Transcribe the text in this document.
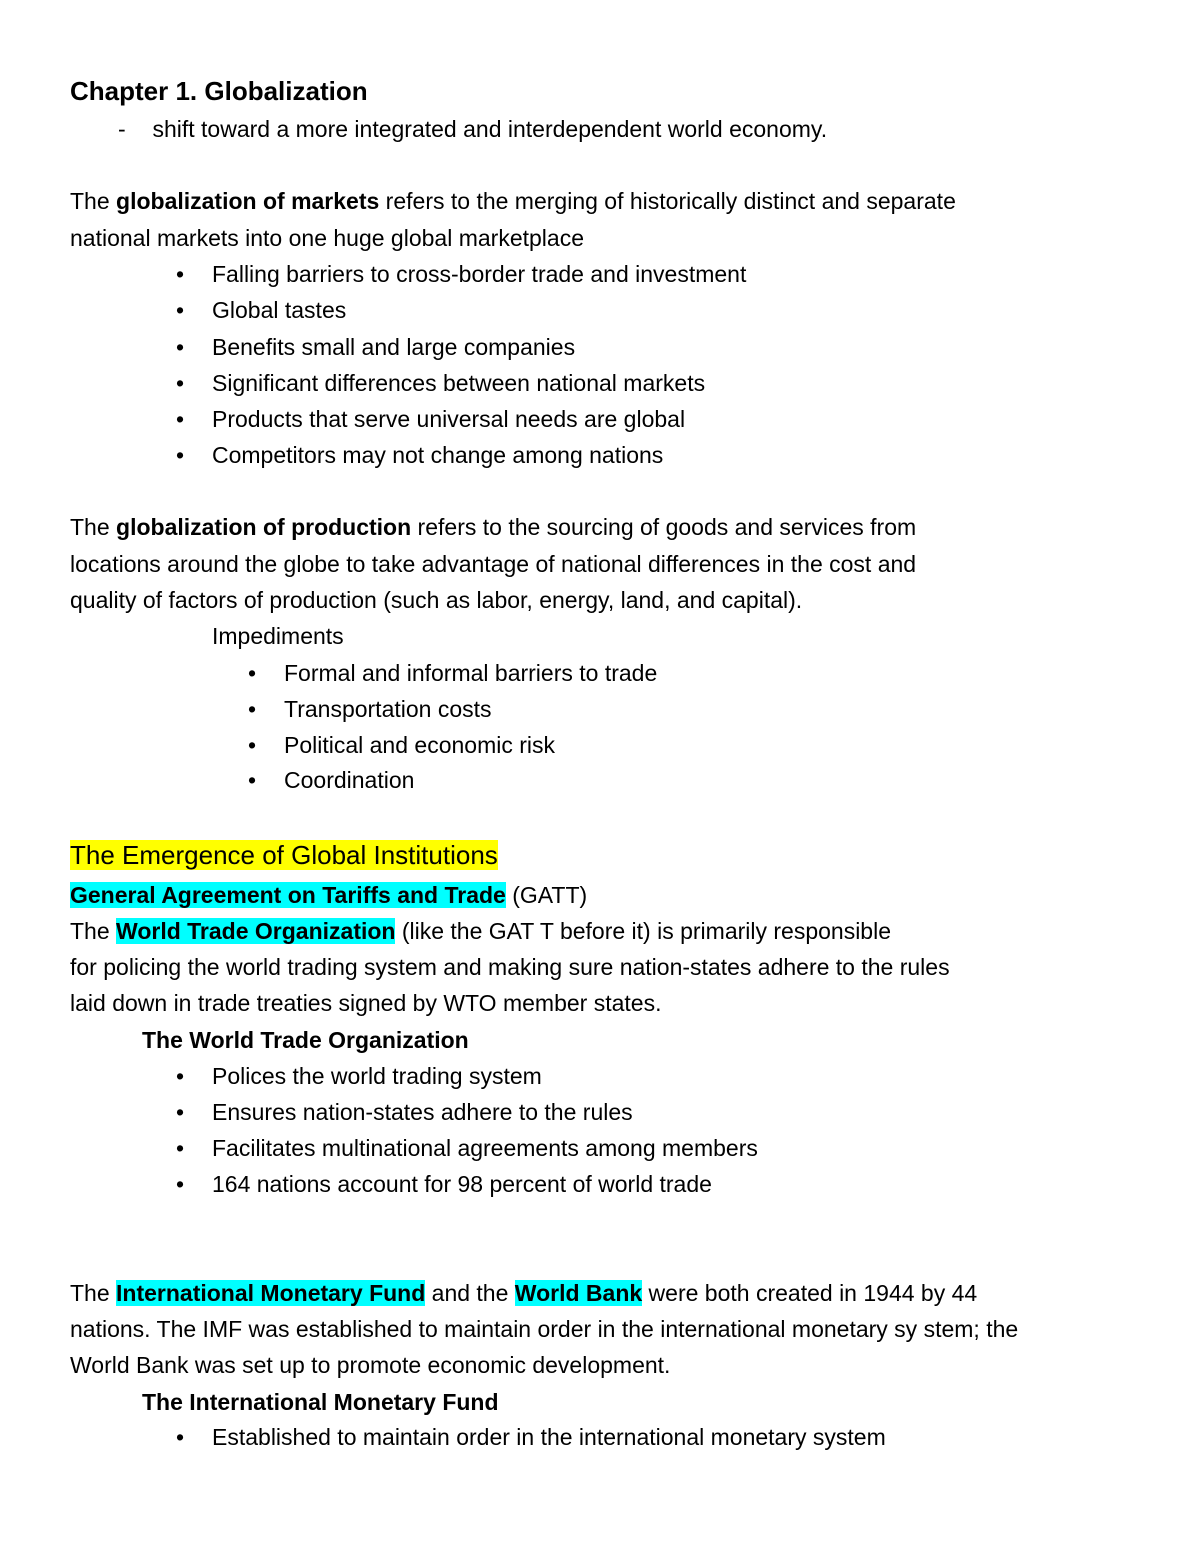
Chapter 1. Globalization
- shift toward a more integrated and interdependent world economy.
The globalization of markets refers to the merging of historically distinct and separate
national markets into one huge global marketplace
• Falling barriers to cross-border trade and investment
• Global tastes
• Benefits small and large companies
• Significant differences between national markets
• Products that serve universal needs are global
• Competitors may not change among nations
The globalization of production refers to the sourcing of goods and services from
locations around the globe to take advantage of national differences in the cost and
quality of factors of production (such as labor, energy, land, and capital).
Impediments
• Formal and informal barriers to trade
• Transportation costs
• Political and economic risk
• Coordination
The Emergence of Global Institutions
General Agreement on Tariffs and Trade (GATT)
The World Trade Organization (like the GAT T before it) is primarily responsible
for policing the world trading system and making sure nation-states adhere to the rules
laid down in trade treaties signed by WTO member states.
The World Trade Organization
• Polices the world trading system
• Ensures nation-states adhere to the rules
• Facilitates multinational agreements among members
• 164 nations account for 98 percent of world trade
The International Monetary Fund and the World Bank were both created in 1944 by 44
nations. The IMF was established to maintain order in the international monetary sy stem; the
World Bank was set up to promote economic development.
The International Monetary Fund
• Established to maintain order in the international monetary system
